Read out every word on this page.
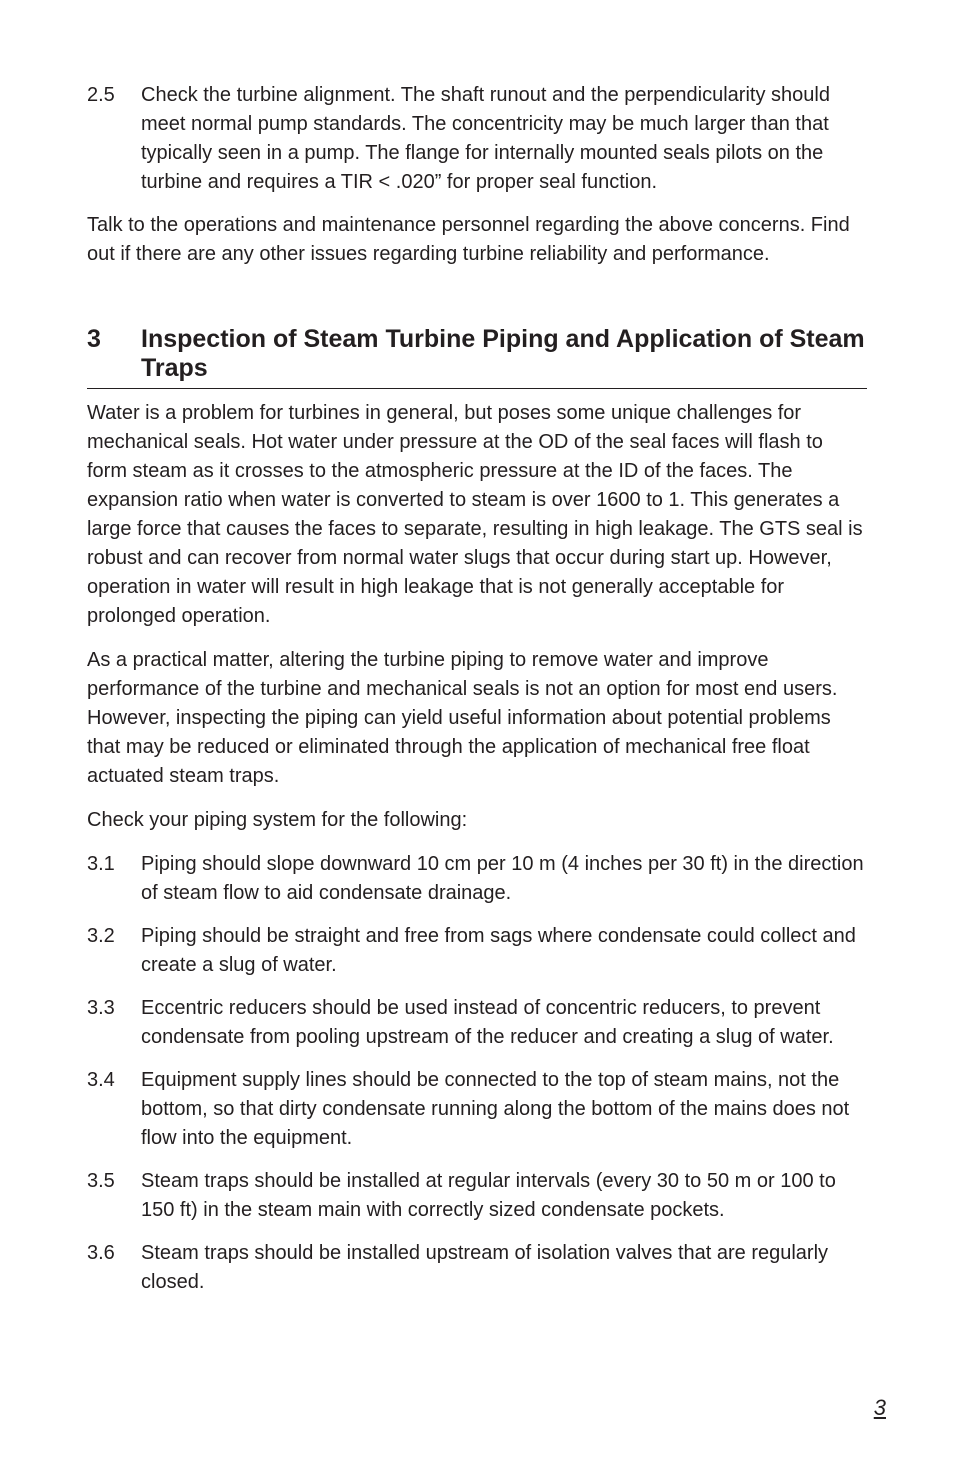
2.5	Check the turbine alignment. The shaft runout and the perpendicularity should meet normal pump standards. The concentricity may be much larger than that typically seen in a pump. The flange for internally mounted seals pilots on the turbine and requires a TIR < .020” for proper seal function.

Talk to the operations and maintenance personnel regarding the above concerns. Find out if there are any other issues regarding turbine reliability and performance.

3	Inspection of Steam Turbine Piping and Application of Steam Traps

Water is a problem for turbines in general, but poses some unique challenges for mechanical seals. Hot water under pressure at the OD of the seal faces will flash to form steam as it crosses to the atmospheric pressure at the ID of the faces. The expansion ratio when water is converted to steam is over 1600 to 1. This generates a large force that causes the faces to separate, resulting in high leakage. The GTS seal is robust and can recover from normal water slugs that occur during start up. However, operation in water will result in high leakage that is not generally acceptable for prolonged operation.

As a practical matter, altering the turbine piping to remove water and improve performance of the turbine and mechanical seals is not an option for most end users. However, inspecting the piping can yield useful information about potential problems that may be reduced or eliminated through the application of mechanical free float actuated steam traps.

Check your piping system for the following:

3.1	Piping should slope downward 10 cm per 10 m (4 inches per 30 ft) in the direction of steam flow to aid condensate drainage.
3.2	Piping should be straight and free from sags where condensate could collect and create a slug of water.
3.3	Eccentric reducers should be used instead of concentric reducers, to prevent condensate from pooling upstream of the reducer and creating a slug of water.
3.4	Equipment supply lines should be connected to the top of steam mains, not the bottom, so that dirty condensate running along the bottom of the mains does not flow into the equipment.
3.5	Steam traps should be installed at regular intervals (every 30 to 50 m or 100 to 150 ft) in the steam main with correctly sized condensate pockets.
3.6	Steam traps should be installed upstream of isolation valves that are regularly closed.
3
